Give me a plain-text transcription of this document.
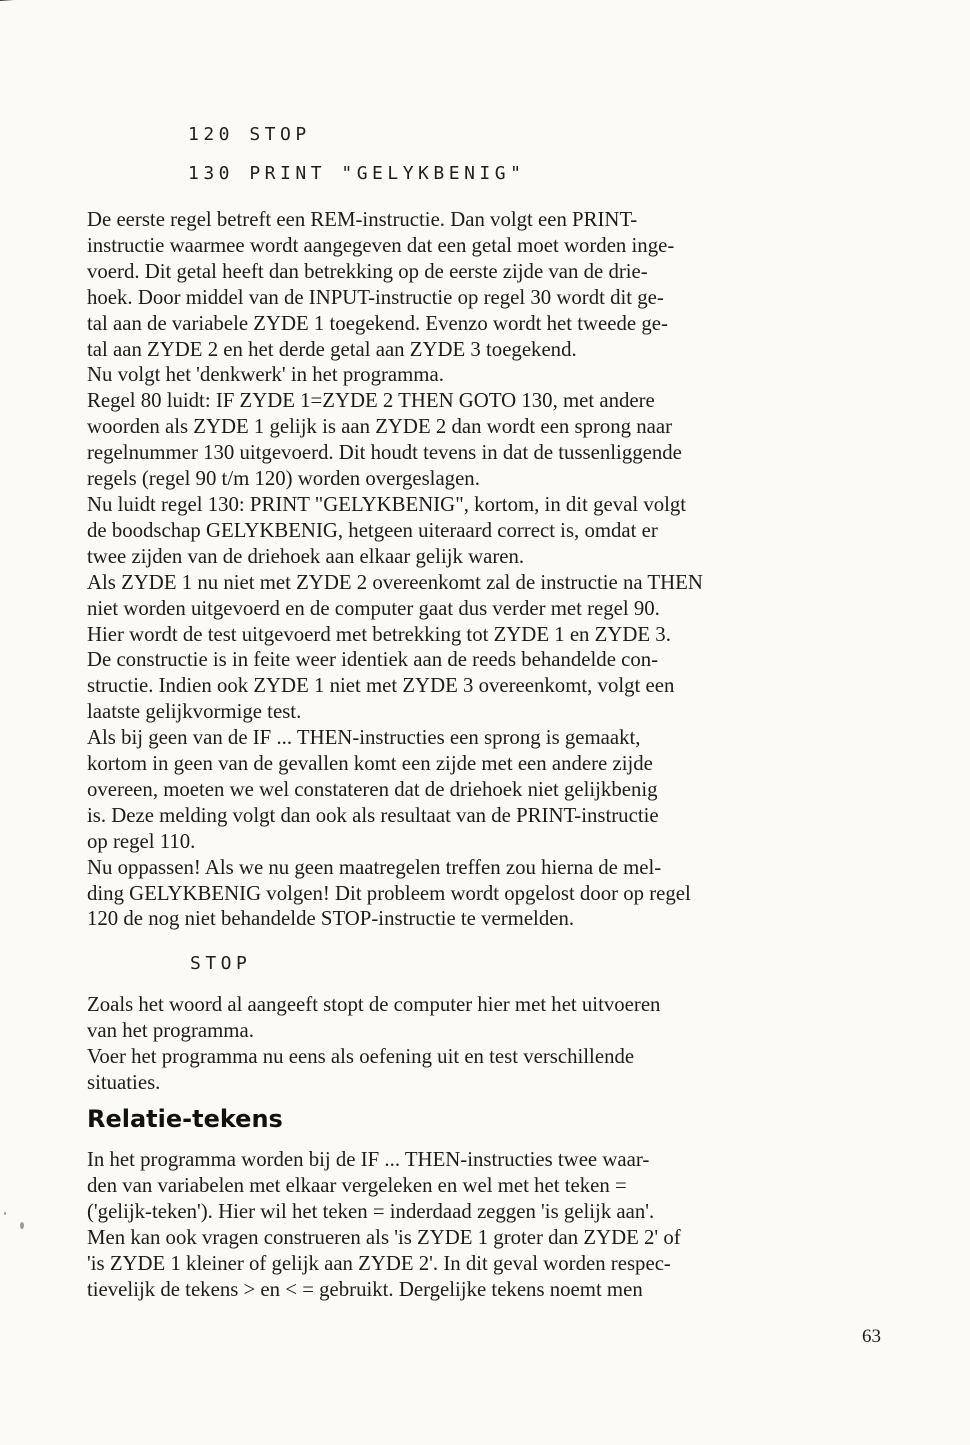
120 STOP
130 PRINT "GELYKBENIG"
De eerste regel betreft een REM-instructie. Dan volgt een PRINT-
instructie waarmee wordt aangegeven dat een getal moet worden inge-
voerd. Dit getal heeft dan betrekking op de eerste zijde van de drie-
hoek. Door middel van de INPUT-instructie op regel 30 wordt dit ge-
tal aan de variabele ZYDE 1 toegekend. Evenzo wordt het tweede ge-
tal aan ZYDE 2 en het derde getal aan ZYDE 3 toegekend.
Nu volgt het 'denkwerk' in het programma.
Regel 80 luidt: IF ZYDE 1=ZYDE 2 THEN GOTO 130, met andere
woorden als ZYDE 1 gelijk is aan ZYDE 2 dan wordt een sprong naar
regelnummer 130 uitgevoerd. Dit houdt tevens in dat de tussenliggende
regels (regel 90 t/m 120) worden overgeslagen.
Nu luidt regel 130: PRINT "GELYKBENIG", kortom, in dit geval volgt
de boodschap GELYKBENIG, hetgeen uiteraard correct is, omdat er
twee zijden van de driehoek aan elkaar gelijk waren.
Als ZYDE 1 nu niet met ZYDE 2 overeenkomt zal de instructie na THEN
niet worden uitgevoerd en de computer gaat dus verder met regel 90.
Hier wordt de test uitgevoerd met betrekking tot ZYDE 1 en ZYDE 3.
De constructie is in feite weer identiek aan de reeds behandelde con-
structie. Indien ook ZYDE 1 niet met ZYDE 3 overeenkomt, volgt een
laatste gelijkvormige test.
Als bij geen van de IF ... THEN-instructies een sprong is gemaakt,
kortom in geen van de gevallen komt een zijde met een andere zijde
overeen, moeten we wel constateren dat de driehoek niet gelijkbenig
is. Deze melding volgt dan ook als resultaat van de PRINT-instructie
op regel 110.
Nu oppassen! Als we nu geen maatregelen treffen zou hierna de mel-
ding GELYKBENIG volgen! Dit probleem wordt opgelost door op regel
120 de nog niet behandelde STOP-instructie te vermelden.
STOP
Zoals het woord al aangeeft stopt de computer hier met het uitvoeren
van het programma.
Voer het programma nu eens als oefening uit en test verschillende
situaties.
Relatie-tekens
In het programma worden bij de IF ... THEN-instructies twee waar-
den van variabelen met elkaar vergeleken en wel met het teken =
('gelijk-teken'). Hier wil het teken = inderdaad zeggen 'is gelijk aan'.
Men kan ook vragen construeren als 'is ZYDE 1 groter dan ZYDE 2' of
'is ZYDE 1 kleiner of gelijk aan ZYDE 2'. In dit geval worden respec-
tievelijk de tekens > en < = gebruikt. Dergelijke tekens noemt men
63
